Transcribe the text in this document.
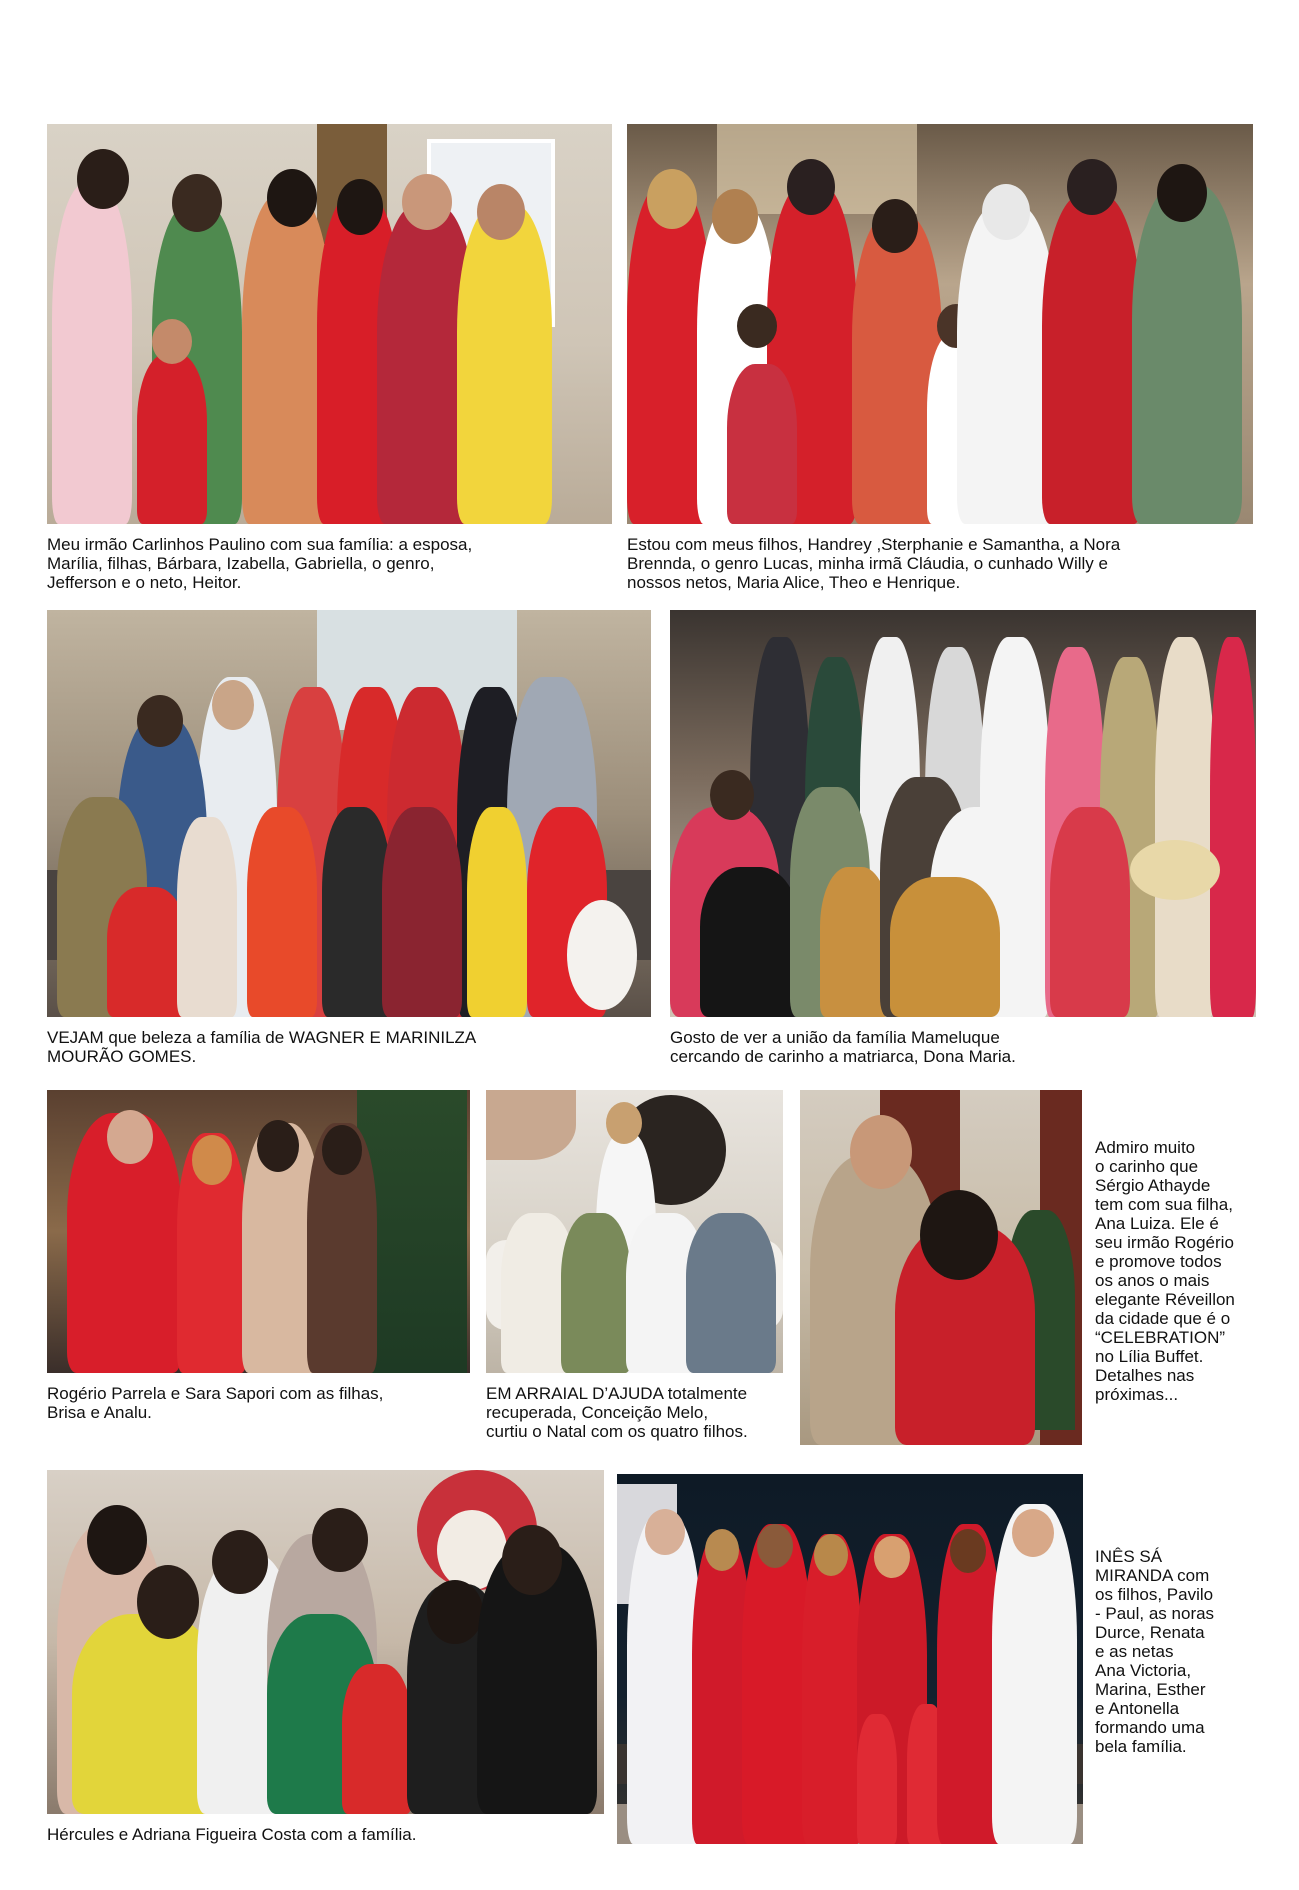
Meu irmão Carlinhos Paulino com sua família: a esposa,
Marília, filhas, Bárbara, Izabella, Gabriella, o genro,
Jefferson e o neto, Heitor.

Estou com meus filhos, Handrey ,Sterphanie e Samantha, a Nora
Brennda, o genro Lucas, minha irmã Cláudia, o cunhado Willy e
nossos netos, Maria Alice, Theo e Henrique.

VEJAM que beleza a família de WAGNER E MARINILZA
MOURÃO GOMES.

Gosto de ver a união da família Mameluque
cercando de carinho a matriarca, Dona Maria.

Rogério Parrela e Sara Sapori com as filhas,
Brisa e Analu.

EM ARRAIAL D’AJUDA totalmente
recuperada, Conceição Melo,
curtiu o Natal com os quatro filhos.

Admiro muito
o carinho que
Sérgio Athayde
tem com sua filha,
Ana Luiza. Ele é
seu irmão Rogério
e promove todos
os anos o mais
elegante Réveillon
da cidade que é o
“CELEBRATION”
no Lília Buffet.
Detalhes nas
próximas...

Hércules e Adriana Figueira Costa com a família.

INÊS SÁ
MIRANDA com
os filhos, Pavilo
- Paul, as noras
Durce, Renata
e as netas
Ana Victoria,
Marina, Esther
e Antonella
formando uma
bela família.
